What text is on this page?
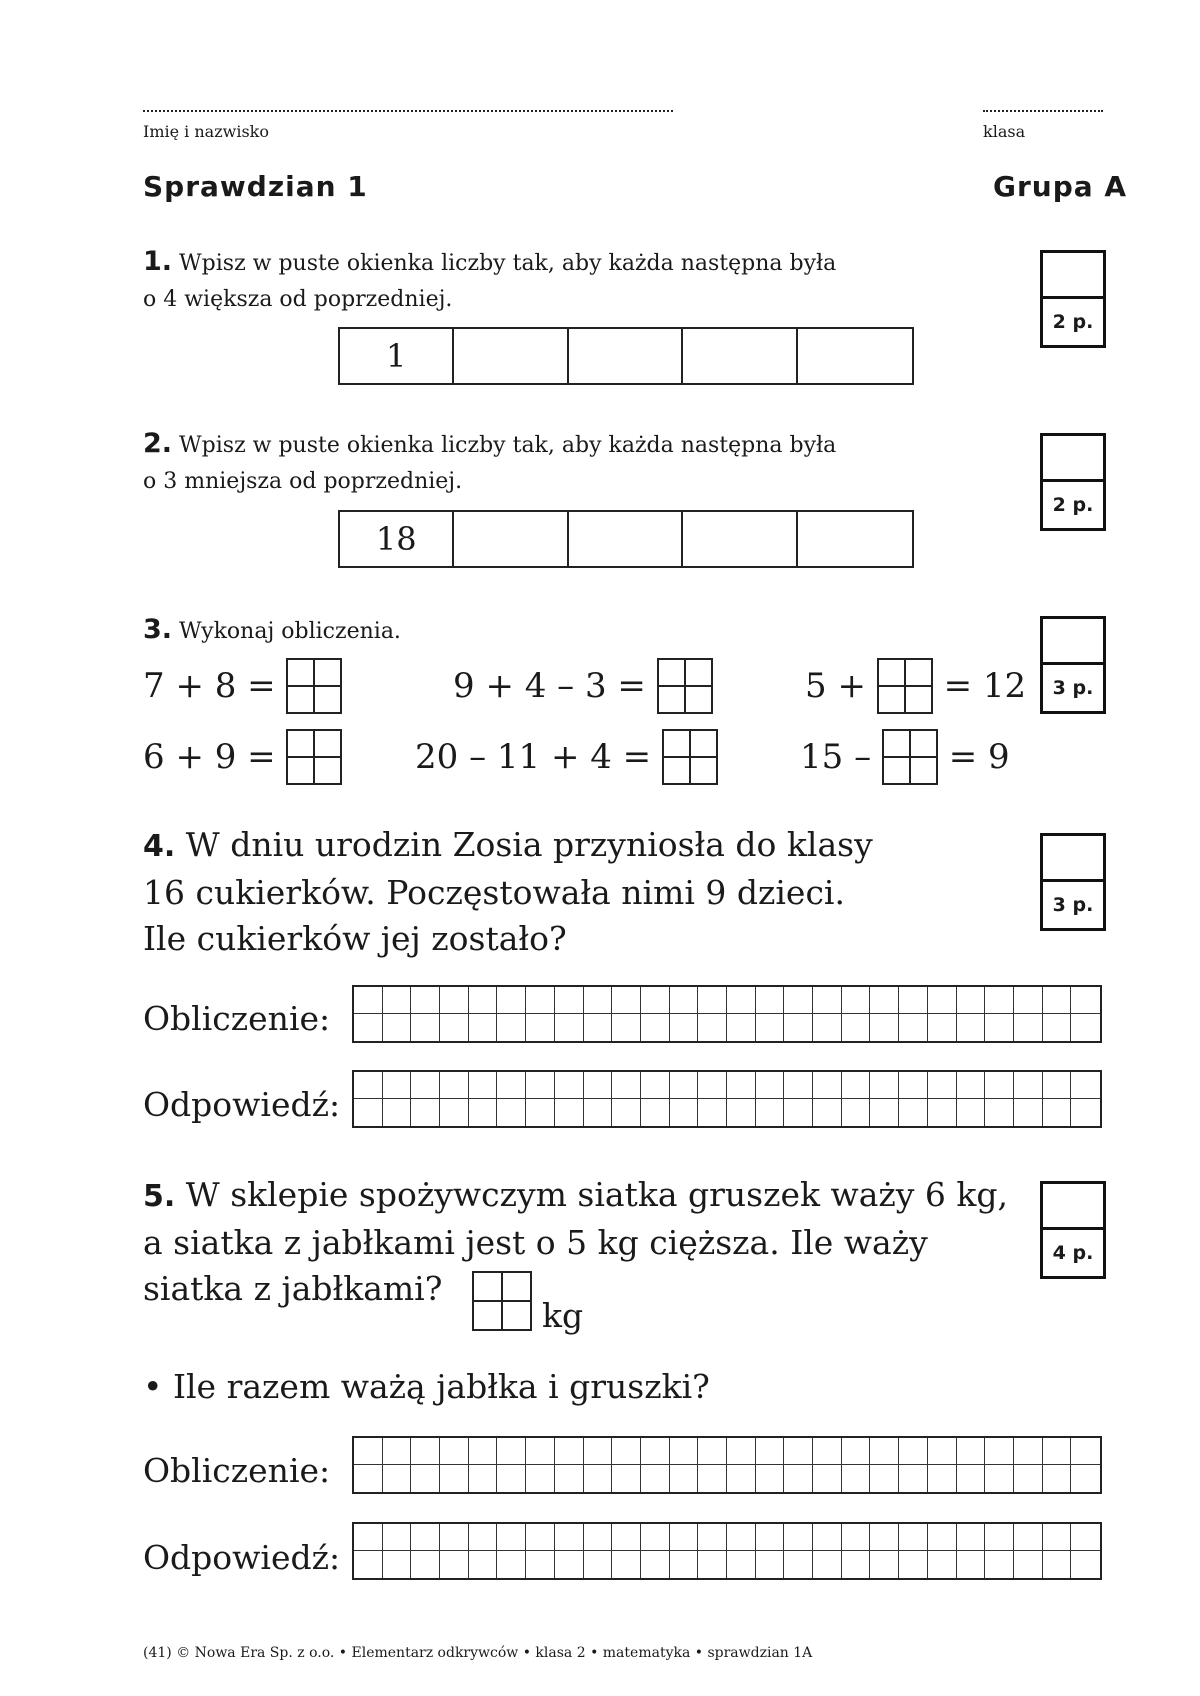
Imię i nazwisko	klasa
Sprawdzian 1	Grupa A
1. Wpisz w puste okienka liczby tak, aby każda następna była
o 4 większa od poprzedniej.
1
2 p.
2. Wpisz w puste okienka liczby tak, aby każda następna była
o 3 mniejsza od poprzedniej.
18
2 p.
3. Wykonaj obliczenia.
3 p.
7 + 8 =
	9 + 4 – 3 =
	5 +

= 12
6 + 9 =
	20 – 11 + 4 =
	15 –

= 9
4. W dniu urodzin Zosia przyniosła do klasy
16 cukierków. Poczęstowała nimi 9 dzieci.
Ile cukierków jej zostało?
3 p.
Obliczenie:
Odpowiedź:
5. W sklepie spożywczym siatka gruszek waży 6 kg,
a siatka z jabłkami jest o 5 kg cięższa. Ile waży
siatka z jabłkami?
kg
4 p.
• Ile razem ważą jabłka i gruszki?
Obliczenie:
Odpowiedź:
(41) © Nowa Era Sp. z o.o. • Elementarz odkrywców • klasa 2 • matematyka • sprawdzian 1A
